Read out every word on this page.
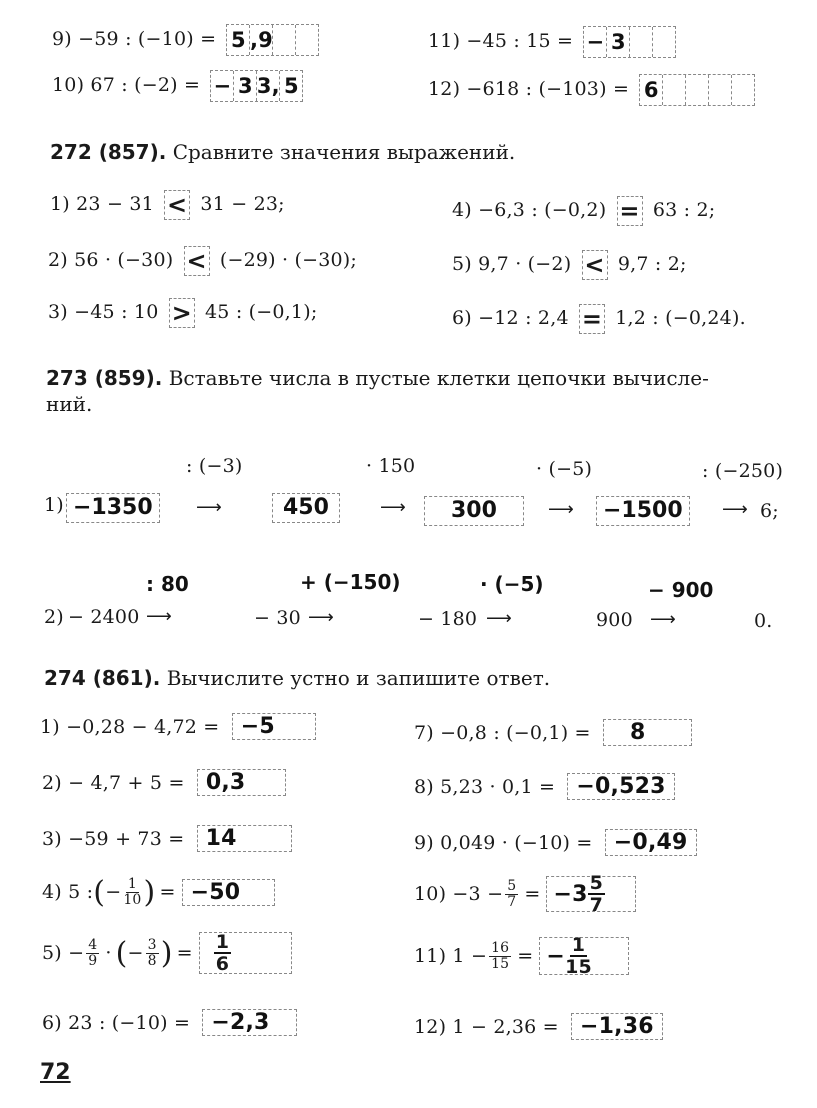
9) −59 : (−10) = 5 ,9	11) −45 : 15 = − 3
10) 67 : (−2) = − 3 3, 5	12) −618 : (−103) = 6
272 (857). Сравните значения выражений.
1) 23 − 31 < 31 − 23;	4) −6,3 : (−0,2) = 63 : 2;
2) 56 · (−30) < (−29) · (−30);	5) 9,7 · (−2) < 9,7 : 2;
3) −45 : 10 > 45 : (−0,1);	6) −12 : 2,4 = 1,2 : (−0,24).
273 (859). Вставьте числа в пустые клетки цепочки вычисле-
ний.
: (−3)	· 150	· (−5)	: (−250)
1) −1350	⟶	450	⟶	300	⟶	−1500	⟶ 6;
: 80	+ (−150)	· (−5)	− 900
2) − 2400 ⟶	− 30 ⟶	− 180 ⟶	900 ⟶	0.
274 (861). Вычислите устно и запишите ответ.
1) −0,28 − 4,72 = −5	7) −0,8 : (−0,1) = 8
2) − 4,7 + 5 = 0,3	8) 5,23 · 0,1 = −0,523
3) −59 + 73 = 14	9) 0,049 · (−10) = −0,49
4) 5 : ( − $\frac{1}{10}$ ) = −50	$10) -3 - \frac{5}{7} = -3 \frac{5}{7}$
$5) - \frac{4}{9}$ · ( − $\frac{3}{8}$ ) = $\frac{1}{6}$	11) $1 - \frac{16}{15}$ = − $\frac{1}{15}$
6) 23 : (−10) = −2,3	12) 1 − 2,36 = −1,36
72
